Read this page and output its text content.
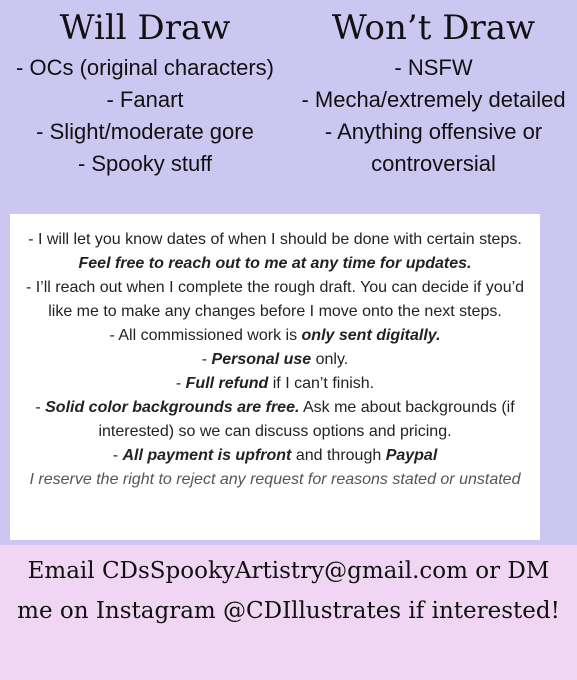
Will Draw
- OCs (original characters)
- Fanart
- Slight/moderate gore
- Spooky stuff
Won’t Draw
- NSFW
- Mecha/extremely detailed
- Anything offensive or controversial

- I will let you know dates of when I should be done with certain steps. Feel free to reach out to me at any time for updates.

- I’ll reach out when I complete the rough draft. You can decide if you’d like me to make any changes before I move onto the next steps.

- All commissioned work is only sent digitally.

- Personal use only.

- Full refund if I can’t finish.

- Solid color backgrounds are free. Ask me about backgrounds (if interested) so we can discuss options and pricing.

- All payment is upfront and through Paypal

I reserve the right to reject any request for reasons stated or unstated

Email CDsSpookyArtistry@gmail.com or DM me on Instagram @CDIllustrates if interested!
